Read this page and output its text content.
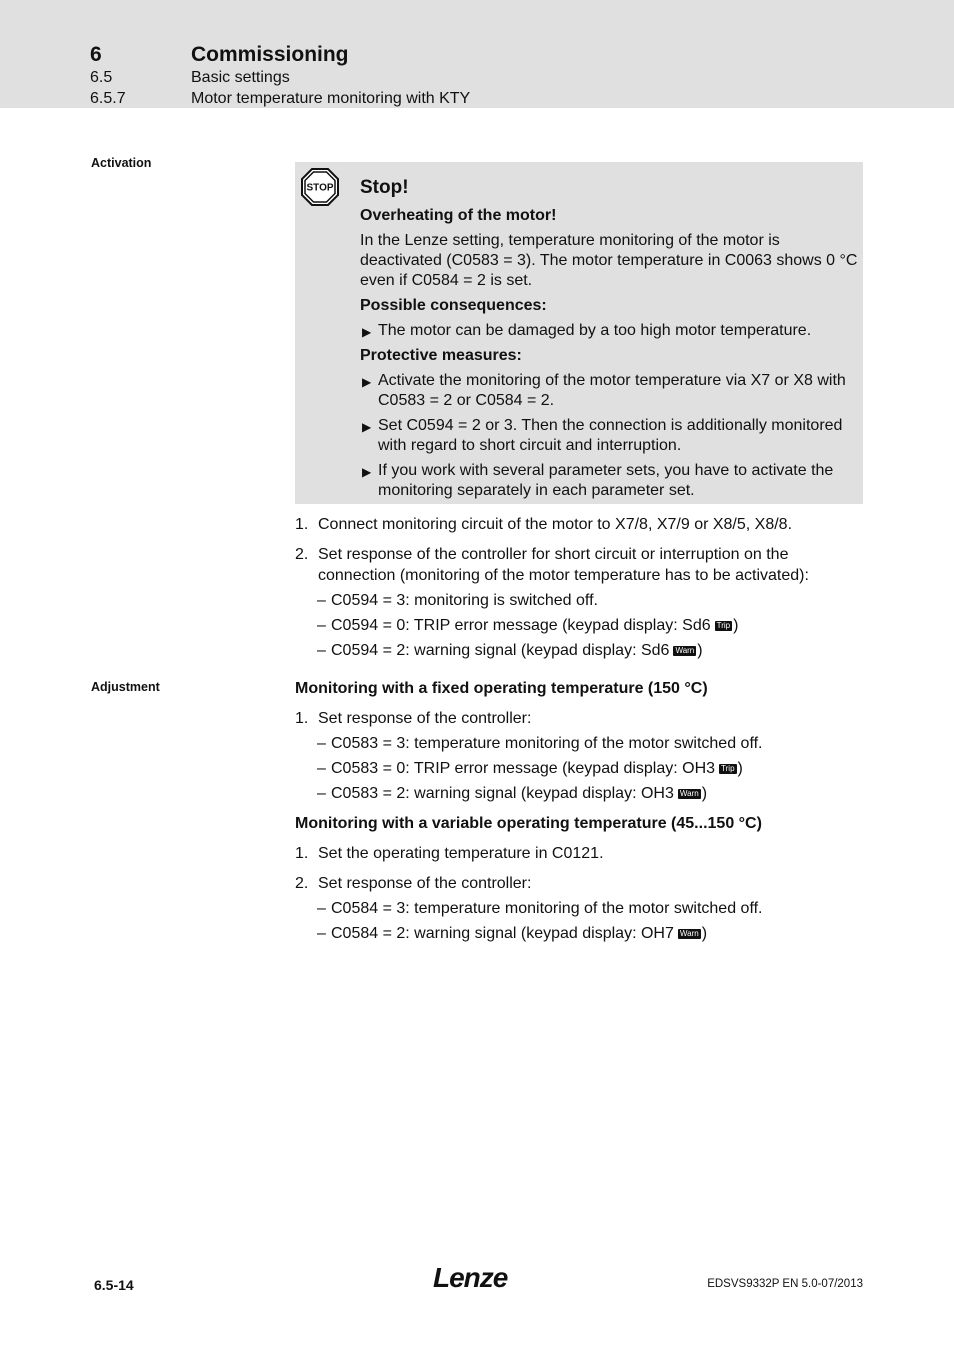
6	Commissioning
6.5	Basic settings
6.5.7	Motor temperature monitoring with KTY
Activation
Adjustment
STOP Stop!
Overheating of the motor!
In the Lenze setting, temperature monitoring of the motor is deactivated (C0583 = 3). The motor temperature in C0063 shows 0 °C even if C0584 = 2 is set.
Possible consequences:
▶ The motor can be damaged by a too high motor temperature.
Protective measures:
▶ Activate the monitoring of the motor temperature via X7 or X8 with C0583 = 2 or C0584 = 2.
▶ Set C0594 = 2 or 3. Then the connection is additionally monitored with regard to short circuit and interruption.
▶ If you work with several parameter sets, you have to activate the monitoring separately in each parameter set.
1. Connect monitoring circuit of the motor to X7/8, X7/9 or X8/5, X8/8.
2. Set response of the controller for short circuit or interruption on the connection (monitoring of the motor temperature has to be activated):
– C0594 = 3: monitoring is switched off.
– C0594 = 0: TRIP error message (keypad display: Sd6 Trip )
– C0594 = 2: warning signal (keypad display: Sd6 Warn )
Monitoring with a fixed operating temperature (150 °C)
1. Set response of the controller:
– C0583 = 3: temperature monitoring of the motor switched off.
– C0583 = 0: TRIP error message (keypad display: OH3 Trip )
– C0583 = 2: warning signal (keypad display: OH3 Warn )
Monitoring with a variable operating temperature (45...150 °C)
1. Set the operating temperature in C0121.
2. Set response of the controller:
– C0584 = 3: temperature monitoring of the motor switched off.
– C0584 = 2: warning signal (keypad display: OH7 Warn )
6.5-14	Lenze	EDSVS9332P EN 5.0-07/2013
